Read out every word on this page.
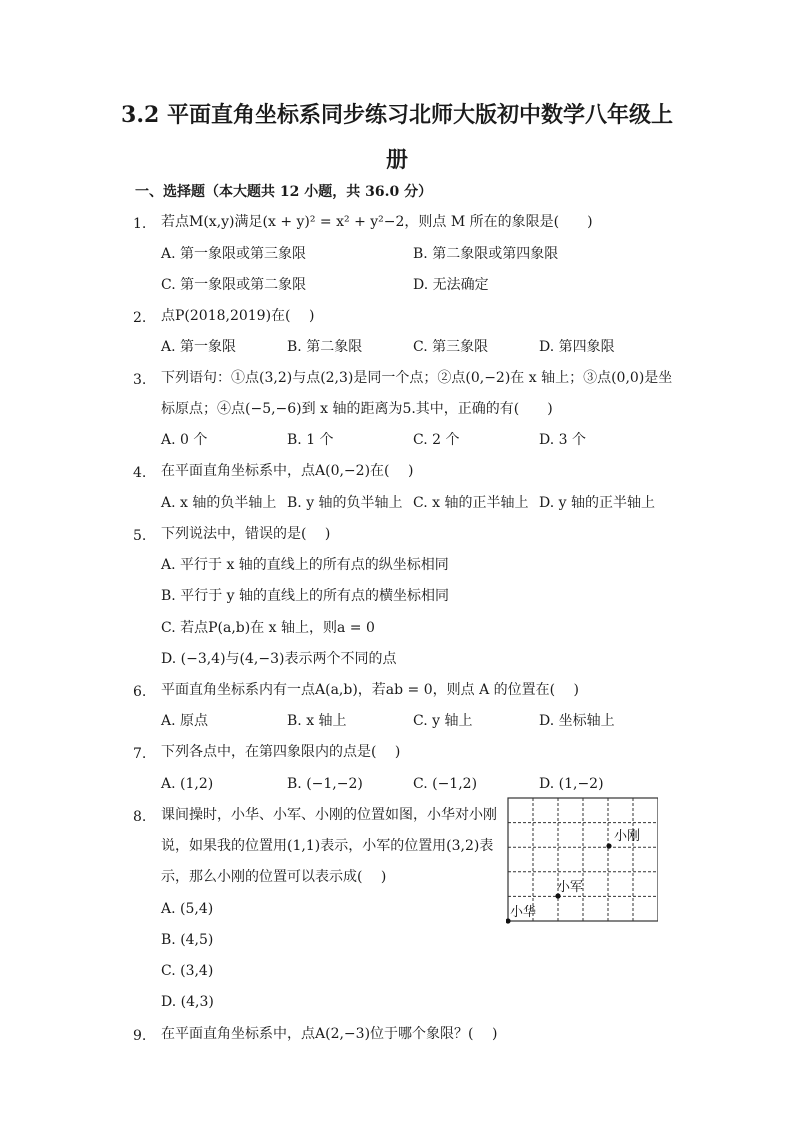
3.2 平面直角坐标系同步练习北师大版初中数学八年级上
册
一、选择题（本大题共 12 小题，共 36.0 分）
1. 若点M(x,y)满足(x + y)² = x² + y²−2，则点 M 所在的象限是(　　)
A. 第一象限或第三象限	B. 第二象限或第四象限
C. 第一象限或第二象限	D. 无法确定
2. 点P(2018,2019)在(　 )
A. 第一象限	B. 第二象限	C. 第三象限	D. 第四象限
3. 下列语句：①点(3,2)与点(2,3)是同一个点；②点(0,−2)在 x 轴上；③点(0,0)是坐
标原点；④点(−5,−6)到 x 轴的距离为5.其中，正确的有(　　)
A. 0 个	B. 1 个	C. 2 个	D. 3 个
4. 在平面直角坐标系中，点A(0,−2)在(　 )
A. x 轴的负半轴上 B. y 轴的负半轴上 C. x 轴的正半轴上 D. y 轴的正半轴上
5. 下列说法中，错误的是(　 )
A. 平行于 x 轴的直线上的所有点的纵坐标相同
B. 平行于 y 轴的直线上的所有点的横坐标相同
C. 若点P(a,b)在 x 轴上，则a = 0
D. (−3,4)与(4,−3)表示两个不同的点
6. 平面直角坐标系内有一点A(a,b)，若ab = 0，则点 A 的位置在(　 )
A. 原点	B. x 轴上	C. y 轴上	D. 坐标轴上
7. 下列各点中，在第四象限内的点是(　 )
A. (1,2)	B. (−1,−2)	C. (−1,2)	D. (1,−2)
8. 课间操时，小华、小军、小刚的位置如图，小华对小刚
说，如果我的位置用(1,1)表示，小军的位置用(3,2)表
示，那么小刚的位置可以表示成(　 )
A. (5,4)
B. (4,5)
C. (3,4)
D. (4,3)
小刚
小军
小华
9. 在平面直角坐标系中，点A(2,−3)位于哪个象限？(　 )
